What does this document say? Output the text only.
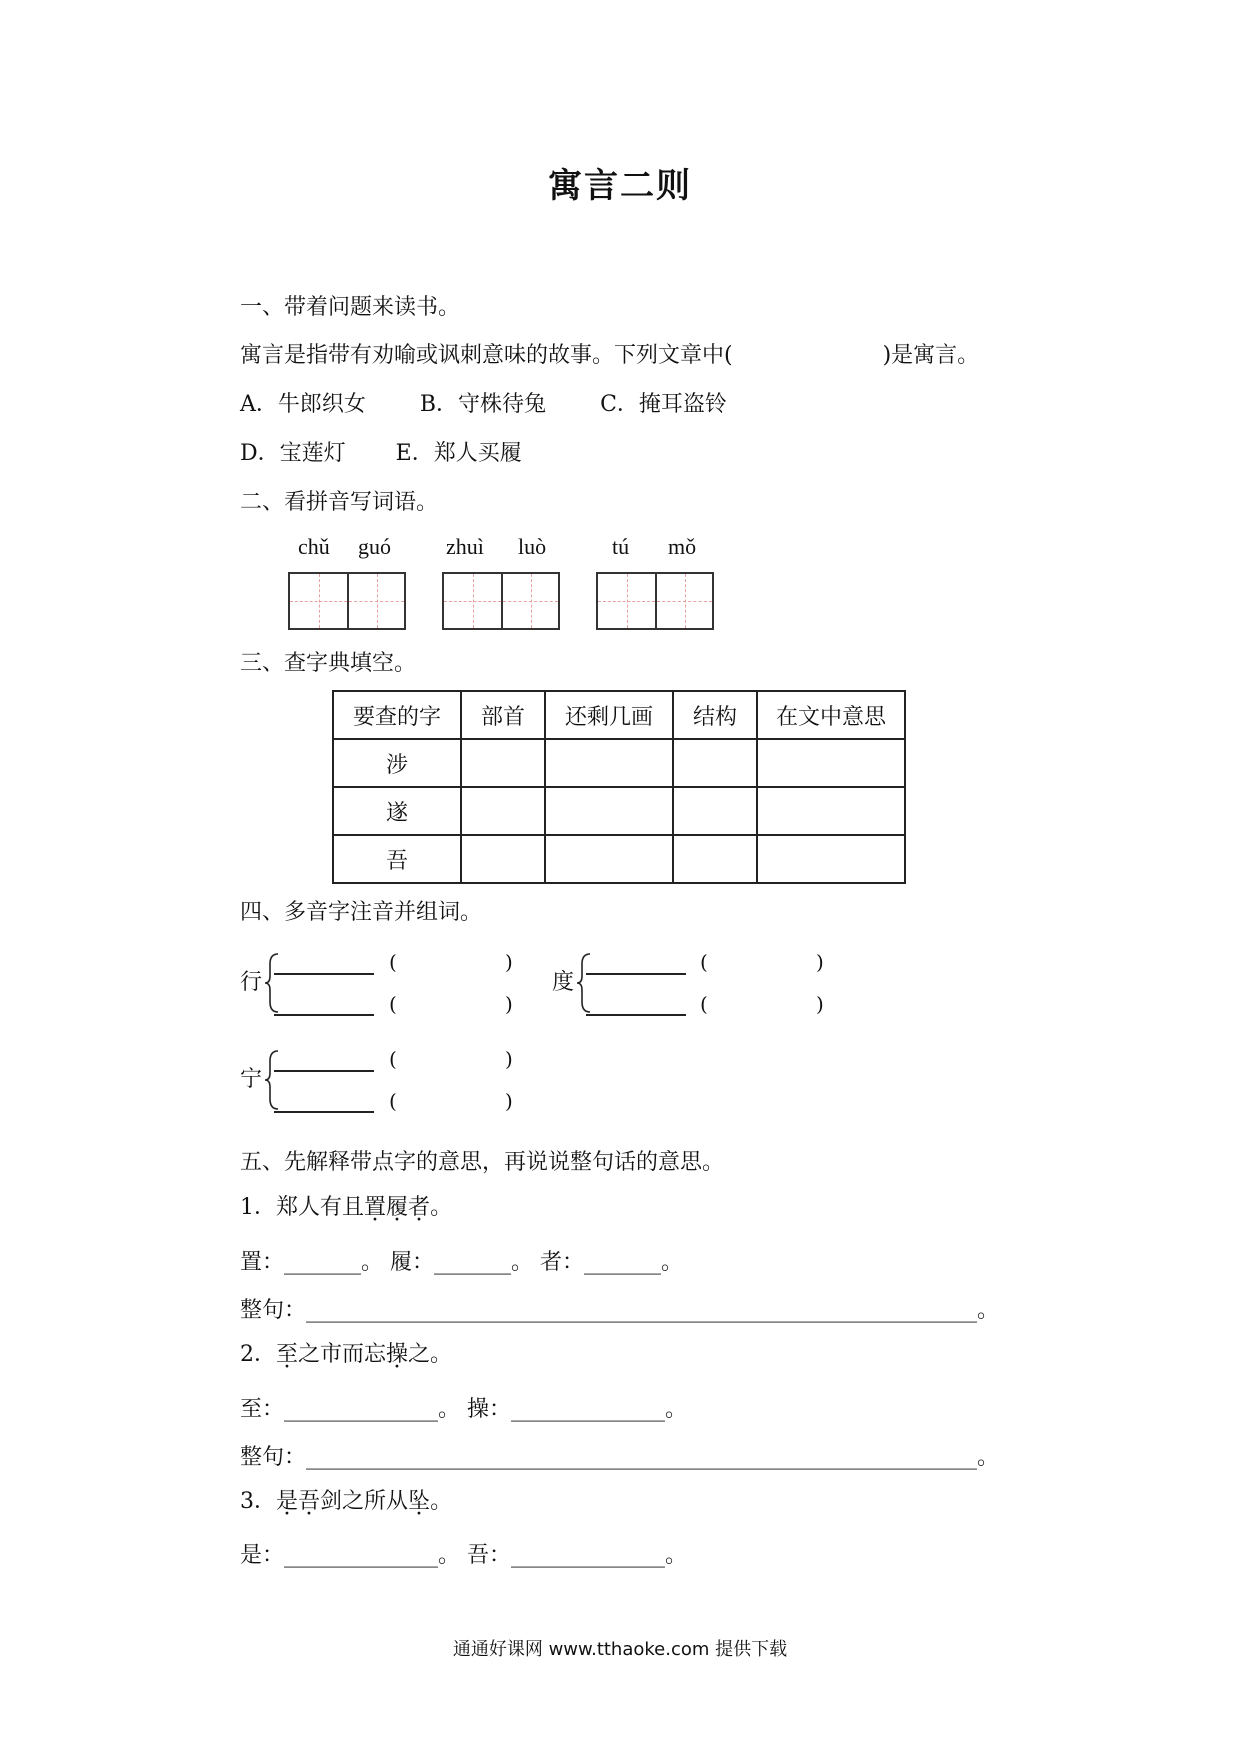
寓言二则
一、带着问题来读书。
寓言是指带有劝喻或讽刺意味的故事。下列文章中(	)是寓言。
A．牛郎织女 B．守株待兔 C．掩耳盗铃
D．宝莲灯 E．郑人买履
二、看拼音写词语。
chǔ guó	zhuì luò	tú mǒ
三、查字典填空。
要查的字	部首	还剩几画	结构	在文中意思
涉				
遂				
吾				
四、多音字注音并组词。
行
(	)
(	)
度
(	)
(	)
宁
(	)
(	)
五、先解释带点字的意思，再说说整句话的意思。
1．郑人有且置履者。
置：_______。 履：_______。 者：_______。
整句：_____________________________________________________________。
2．至之市而忘操之。
至：______________。 操：______________。
整句：_____________________________________________________________。
3．是吾剑之所从坠。
是：______________。 吾：______________。
通通好课网 www.tthaoke.com 提供下载
